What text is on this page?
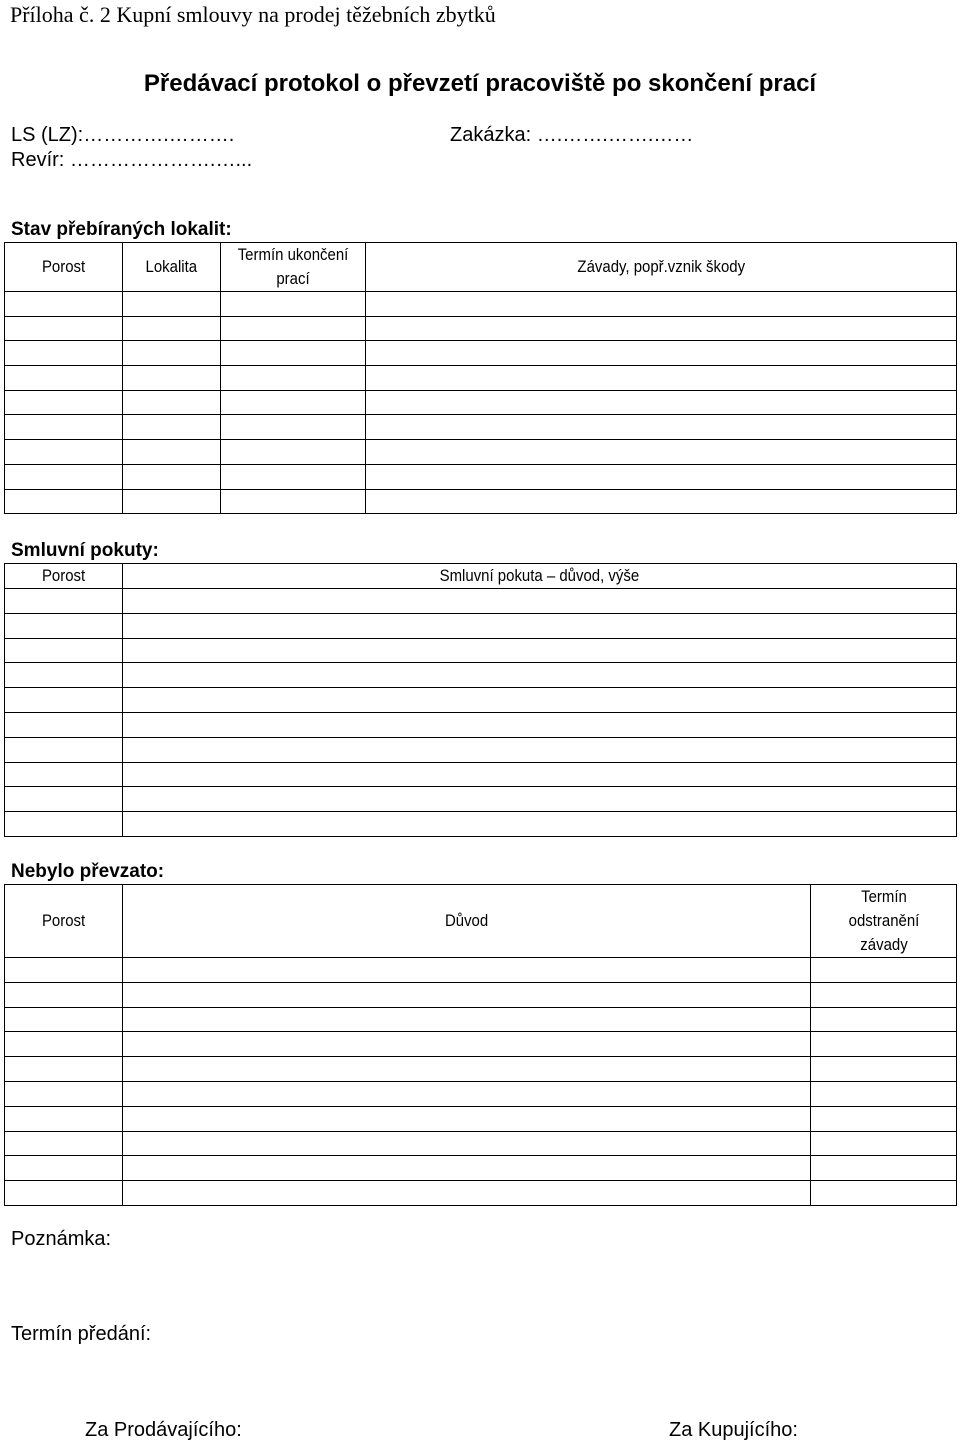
Příloha č. 2 Kupní smlouvy na prodej těžebních zbytků
Předávací protokol o převzetí pracoviště po skončení prací
LS (LZ):………….……….	Zakázka: ….…….…….……
Revír: ………………….…...
Stav přebíraných lokalit:
Porost	Lokalita	Termín ukončení prací	Závady, popř.vznik škody

Smluvní pokuty:
Porost	Smluvní pokuta – důvod, výše

Nebylo převzato:
Porost	Důvod	Termín odstranění závady

Poznámka:
Termín předání:
Za Prodávajícího:	Za Kupujícího:
